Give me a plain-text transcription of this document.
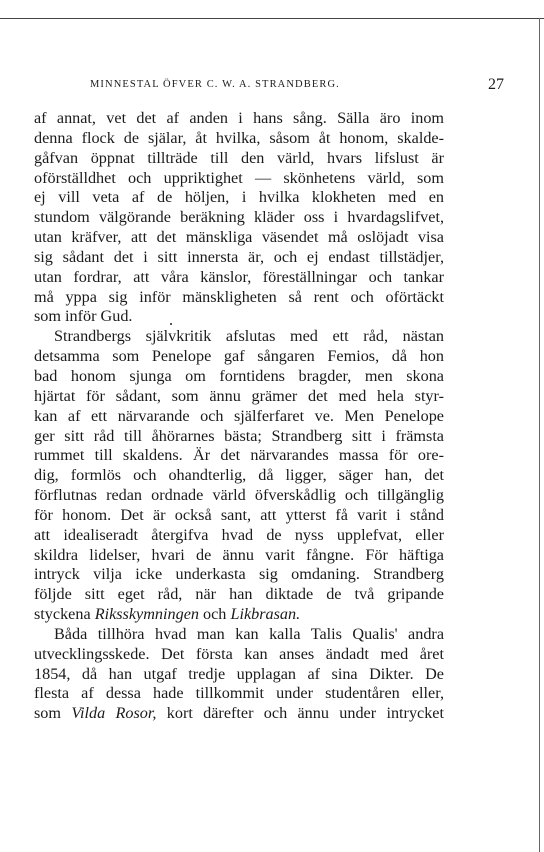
MINNESTAL ÖFVER C. W. A. STRANDBERG.	27
af annat, vet det af anden i hans sång. Sälla äro inom
denna flock de själar, åt hvilka, såsom åt honom, skalde-
gåfvan öppnat tillträde till den värld, hvars lifslust är
oförställdhet och uppriktighet — skönhetens värld, som
ej vill veta af de höljen, i hvilka klokheten med en
stundom välgörande beräkning kläder oss i hvardagslifvet,
utan kräfver, att det mänskliga väsendet må oslöjadt visa
sig sådant det i sitt innersta är, och ej endast tillstädjer,
utan fordrar, att våra känslor, föreställningar och tankar
må yppa sig inför mänskligheten så rent och oförtäckt
som inför Gud.
Strandbergs självkritik afslutas med ett råd, nästan
detsamma som Penelope gaf sångaren Femios, då hon
bad honom sjunga om forntidens bragder, men skona
hjärtat för sådant, som ännu grämer det med hela styr-
kan af ett närvarande och själferfaret ve. Men Penelope
ger sitt råd till åhörarnes bästa; Strandberg sitt i främsta
rummet till skaldens. Är det närvarandes massa för ore-
dig, formlös och ohandterlig, då ligger, säger han, det
förflutnas redan ordnade värld öfverskådlig och tillgänglig
för honom. Det är också sant, att ytterst få varit i stånd
att idealiseradt återgifva hvad de nyss upplefvat, eller
skildra lidelser, hvari de ännu varit fångne. För häftiga
intryck vilja icke underkasta sig omdaning. Strandberg
följde sitt eget råd, när han diktade de två gripande
styckena Riksskymningen och Likbrasan.
Båda tillhöra hvad man kan kalla Talis Qualis' andra
utvecklingsskede. Det första kan anses ändadt med året
1854, då han utgaf tredje upplagan af sina Dikter. De
flesta af dessa hade tillkommit under studentåren eller,
som Vilda Rosor, kort därefter och ännu under intrycket
